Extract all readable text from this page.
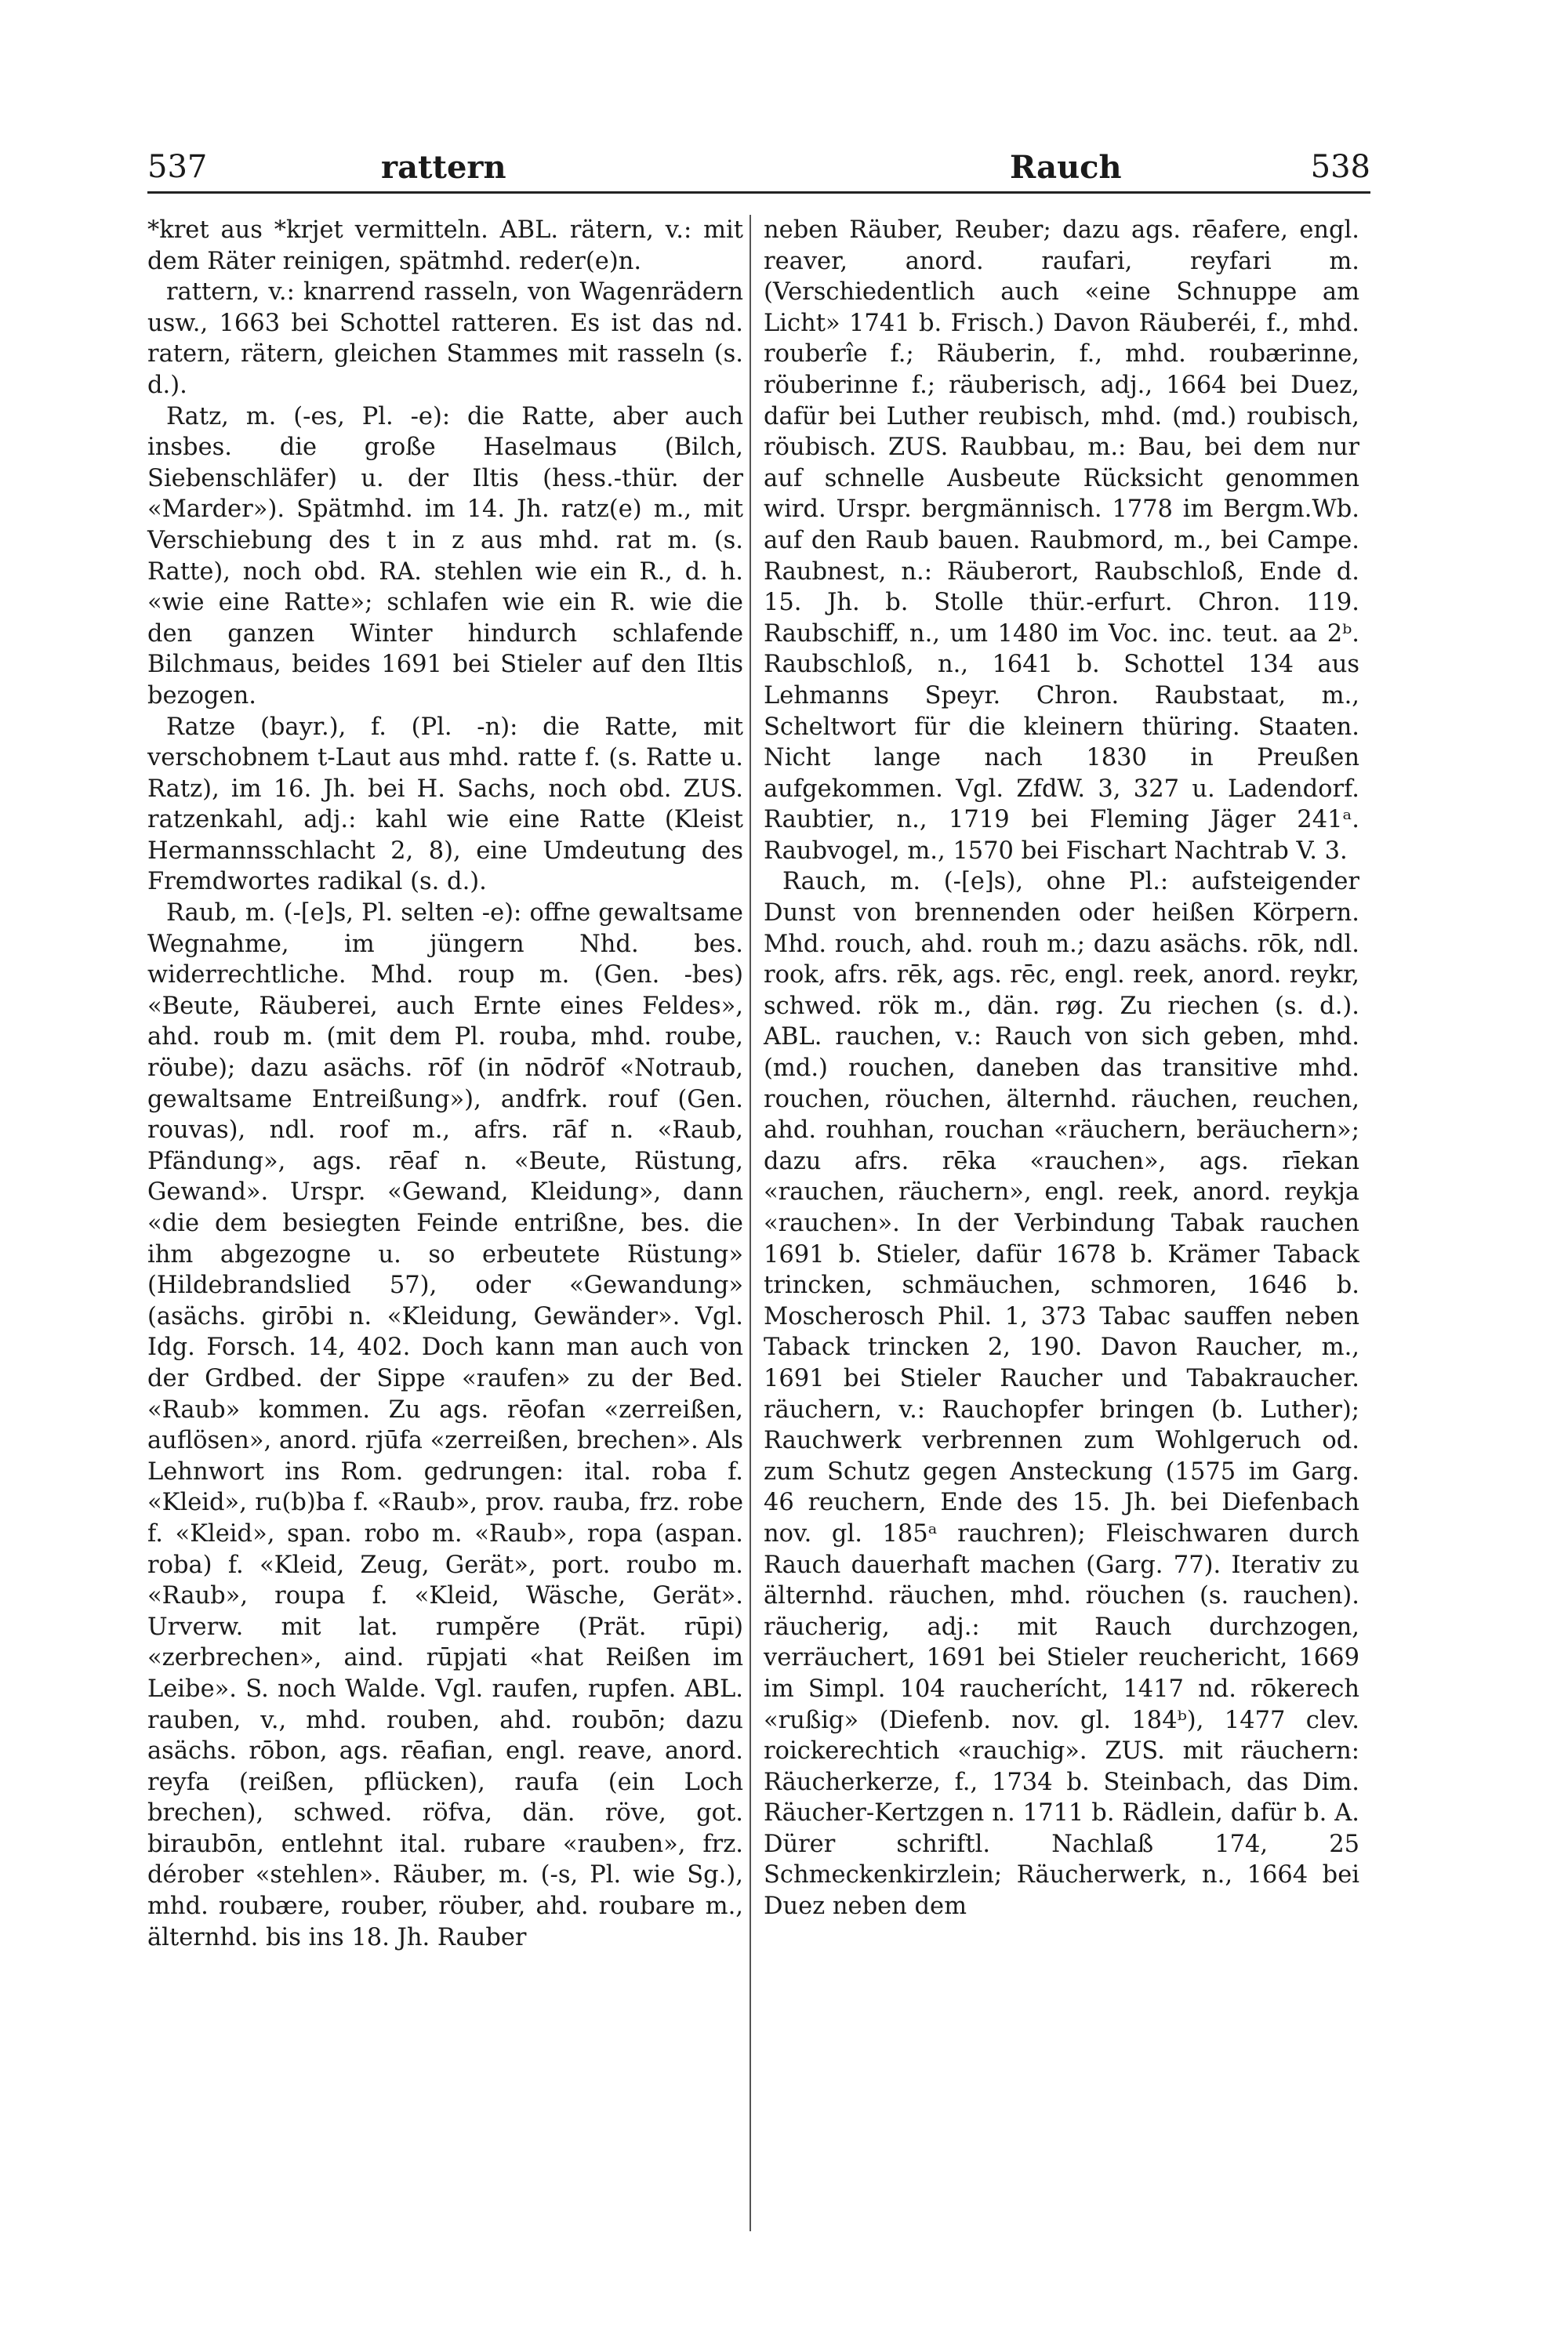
537	rattern	Rauch	538

*kret aus *krjet vermitteln. ABL. rätern, v.: mit dem Räter reinigen, spätmhd. reder(e)n.

rattern, v.: knarrend rasseln, von Wagenrädern usw., 1663 bei Schottel ratteren. Es ist das nd. ratern, rätern, gleichen Stammes mit rasseln (s. d.).

Ratz, m. (-es, Pl. -e): die Ratte, aber auch insbes. die große Haselmaus (Bilch, Siebenschläfer) u. der Iltis (hess.-thür. der «Marder»). Spätmhd. im 14. Jh. ratz(e) m., mit Verschiebung des t in z aus mhd. rat m. (s. Ratte), noch obd. RA. stehlen wie ein R., d. h. «wie eine Ratte»; schlafen wie ein R. wie die den ganzen Winter hindurch schlafende Bilchmaus, beides 1691 bei Stieler auf den Iltis bezogen.

Ratze (bayr.), f. (Pl. -n): die Ratte, mit verschobnem t-Laut aus mhd. ratte f. (s. Ratte u. Ratz), im 16. Jh. bei H. Sachs, noch obd. ZUS. ratzenkahl, adj.: kahl wie eine Ratte (Kleist Hermannsschlacht 2, 8), eine Umdeutung des Fremdwortes radikal (s. d.).

Raub, m. (-[e]s, Pl. selten -e): offne gewaltsame Wegnahme, im jüngern Nhd. bes. widerrechtliche. Mhd. roup m. (Gen. -bes) «Beute, Räuberei, auch Ernte eines Feldes», ahd. roub m. (mit dem Pl. rouba, mhd. roube, röube); dazu asächs. rōf (in nōdrōf «Notraub, gewaltsame Entreißung»), andfrk. rouf (Gen. rouvas), ndl. roof m., afrs. rāf n. «Raub, Pfändung», ags. rēaf n. «Beute, Rüstung, Gewand». Urspr. «Gewand, Kleidung», dann «die dem besiegten Feinde entrißne, bes. die ihm abgezogne u. so erbeutete Rüstung» (Hildebrandslied 57), oder «Gewandung» (asächs. girōbi n. «Kleidung, Gewänder». Vgl. Idg. Forsch. 14, 402. Doch kann man auch von der Grdbed. der Sippe «raufen» zu der Bed. «Raub» kommen. Zu ags. rēofan «zerreißen, auflösen», anord. rjūfa «zerreißen, brechen». Als Lehnwort ins Rom. gedrungen: ital. roba f. «Kleid», ru(b)ba f. «Raub», prov. rauba, frz. robe f. «Kleid», span. robo m. «Raub», ropa (aspan. roba) f. «Kleid, Zeug, Gerät», port. roubo m. «Raub», roupa f. «Kleid, Wäsche, Gerät». Urverw. mit lat. rumpĕre (Prät. rūpi) «zerbrechen», aind. rūpjati «hat Reißen im Leibe». S. noch Walde. Vgl. raufen, rupfen. ABL. rauben, v., mhd. rouben, ahd. roubōn; dazu asächs. rōbon, ags. rēafian, engl. reave, anord. reyfa (reißen, pflücken), raufa (ein Loch brechen), schwed. röfva, dän. röve, got. biraubōn, entlehnt ital. rubare «rauben», frz. dérober «stehlen». Räuber, m. (-s, Pl. wie Sg.), mhd. roubære, rouber, röuber, ahd. roubare m., älternhd. bis ins 18. Jh. Rauber

neben Räuber, Reuber; dazu ags. rēafere, engl. reaver, anord. raufari, reyfari m. (Verschiedentlich auch «eine Schnuppe am Licht» 1741 b. Frisch.) Davon Räuberéi, f., mhd. rouberîe f.; Räuberin, f., mhd. roubærinne, röuberinne f.; räuberisch, adj., 1664 bei Duez, dafür bei Luther reubisch, mhd. (md.) roubisch, röubisch. ZUS. Raubbau, m.: Bau, bei dem nur auf schnelle Ausbeute Rücksicht genommen wird. Urspr. bergmännisch. 1778 im Bergm.Wb. auf den Raub bauen. Raubmord, m., bei Campe. Raubnest, n.: Räuberort, Raubschloß, Ende d. 15. Jh. b. Stolle thür.-erfurt. Chron. 119. Raubschiff, n., um 1480 im Voc. inc. teut. aa 2ᵇ. Raubschloß, n., 1641 b. Schottel 134 aus Lehmanns Speyr. Chron. Raubstaat, m., Scheltwort für die kleinern thüring. Staaten. Nicht lange nach 1830 in Preußen aufgekommen. Vgl. ZfdW. 3, 327 u. Ladendorf. Raubtier, n., 1719 bei Fleming Jäger 241ᵃ. Raubvogel, m., 1570 bei Fischart Nachtrab V. 3.

Rauch, m. (-[e]s), ohne Pl.: aufsteigender Dunst von brennenden oder heißen Körpern. Mhd. rouch, ahd. rouh m.; dazu asächs. rōk, ndl. rook, afrs. rēk, ags. rēc, engl. reek, anord. reykr, schwed. rök m., dän. røg. Zu riechen (s. d.). ABL. rauchen, v.: Rauch von sich geben, mhd. (md.) rouchen, daneben das transitive mhd. rouchen, röuchen, älternhd. räuchen, reuchen, ahd. rouhhan, rouchan «räuchern, beräuchern»; dazu afrs. rēka «rauchen», ags. rīekan «rauchen, räuchern», engl. reek, anord. reykja «rauchen». In der Verbindung Tabak rauchen 1691 b. Stieler, dafür 1678 b. Krämer Taback trincken, schmäuchen, schmoren, 1646 b. Moscherosch Phil. 1, 373 Tabac sauffen neben Taback trincken 2, 190. Davon Raucher, m., 1691 bei Stieler Raucher und Tabakraucher. räuchern, v.: Rauchopfer bringen (b. Luther); Rauchwerk verbrennen zum Wohlgeruch od. zum Schutz gegen Ansteckung (1575 im Garg. 46 reuchern, Ende des 15. Jh. bei Diefenbach nov. gl. 185ᵃ rauchren); Fleischwaren durch Rauch dauerhaft machen (Garg. 77). Iterativ zu älternhd. räuchen, mhd. röuchen (s. rauchen). räucherig, adj.: mit Rauch durchzogen, verräuchert, 1691 bei Stieler reuchericht, 1669 im Simpl. 104 raucherícht, 1417 nd. rōkerech «rußig» (Diefenb. nov. gl. 184ᵇ), 1477 clev. roickerechtich «rauchig». ZUS. mit räuchern: Räucherkerze, f., 1734 b. Steinbach, das Dim. Räucher-Kertzgen n. 1711 b. Rädlein, dafür b. A. Dürer schriftl. Nachlaß 174, 25 Schmeckenkirzlein; Räucherwerk, n., 1664 bei Duez neben dem
